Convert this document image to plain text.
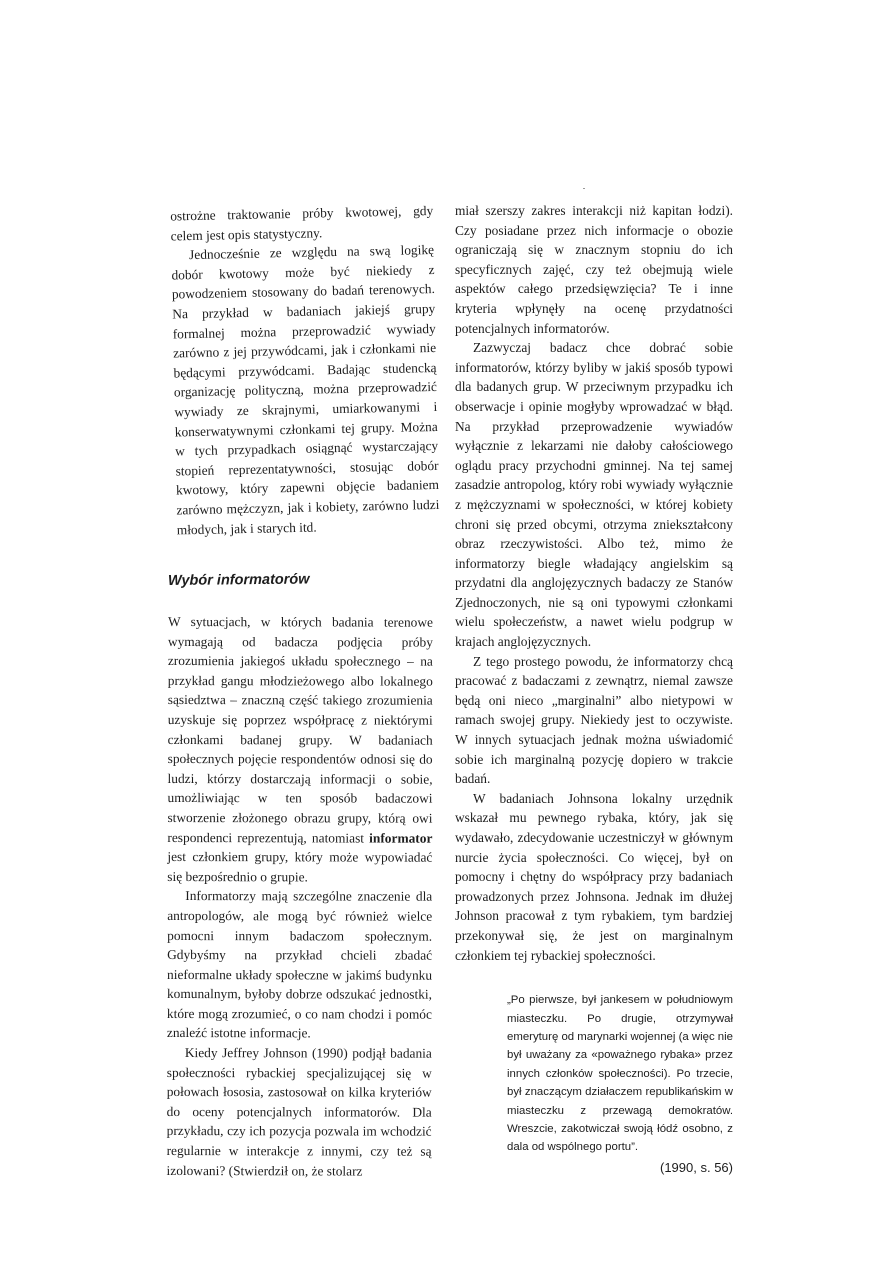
ostrożne traktowanie próby kwotowej, gdy celem jest opis statystyczny.

Jednocześnie ze względu na swą logikę dobór kwotowy może być niekiedy z powodzeniem stosowany do badań terenowych. Na przykład w badaniach jakiejś grupy formalnej można przeprowadzić wywiady zarówno z jej przywódcami, jak i członkami nie będącymi przywódcami. Badając studencką organizację polityczną, można przeprowadzić wywiady ze skrajnymi, umiarkowanymi i konserwatywnymi członkami tej grupy. Można w tych przypadkach osiągnąć wystarczający stopień reprezentatywności, stosując dobór kwotowy, który zapewni objęcie badaniem zarówno mężczyzn, jak i kobiety, zarówno ludzi młodych, jak i starych itd.

Wybór informatorów

W sytuacjach, w których badania terenowe wymagają od badacza podjęcia próby zrozumienia jakiegoś układu społecznego – na przykład gangu młodzieżowego albo lokalnego sąsiedztwa – znaczną część takiego zrozumienia uzyskuje się poprzez współpracę z niektórymi członkami badanej grupy. W badaniach społecznych pojęcie respondentów odnosi się do ludzi, którzy dostarczają informacji o sobie, umożliwiając w ten sposób badaczowi stworzenie złożonego obrazu grupy, którą owi respondenci reprezentują, natomiast informator jest członkiem grupy, który może wypowiadać się bezpośrednio o grupie.

Informatorzy mają szczególne znaczenie dla antropologów, ale mogą być również wielce pomocni innym badaczom społecznym. Gdybyśmy na przykład chcieli zbadać nieformalne układy społeczne w jakimś budynku komunalnym, byłoby dobrze odszukać jednostki, które mogą zrozumieć, o co nam chodzi i pomóc znaleźć istotne informacje.

Kiedy Jeffrey Johnson (1990) podjął badania społeczności rybackiej specjalizującej się w połowach łososia, zastosował on kilka kryteriów do oceny potencjalnych informatorów. Dla przykładu, czy ich pozycja pozwala im wchodzić regularnie w interakcje z innymi, czy też są izolowani? (Stwierdził on, że stolarz

miał szerszy zakres interakcji niż kapitan łodzi). Czy posiadane przez nich informacje o obozie ograniczają się w znacznym stopniu do ich specyficznych zajęć, czy też obejmują wiele aspektów całego przedsięwzięcia? Te i inne kryteria wpłynęły na ocenę przydatności potencjalnych informatorów.

Zazwyczaj badacz chce dobrać sobie informatorów, którzy byliby w jakiś sposób typowi dla badanych grup. W przeciwnym przypadku ich obserwacje i opinie mogłyby wprowadzać w błąd. Na przykład przeprowadzenie wywiadów wyłącznie z lekarzami nie dałoby całościowego oglądu pracy przychodni gminnej. Na tej samej zasadzie antropolog, który robi wywiady wyłącznie z mężczyznami w społeczności, w której kobiety chroni się przed obcymi, otrzyma zniekształcony obraz rzeczywistości. Albo też, mimo że informatorzy biegle władający angielskim są przydatni dla anglojęzycznych badaczy ze Stanów Zjednoczonych, nie są oni typowymi członkami wielu społeczeństw, a nawet wielu podgrup w krajach anglojęzycznych.

Z tego prostego powodu, że informatorzy chcą pracować z badaczami z zewnątrz, niemal zawsze będą oni nieco „marginalni” albo nietypowi w ramach swojej grupy. Niekiedy jest to oczywiste. W innych sytuacjach jednak można uświadomić sobie ich marginalną pozycję dopiero w trakcie badań.

W badaniach Johnsona lokalny urzędnik wskazał mu pewnego rybaka, który, jak się wydawało, zdecydowanie uczestniczył w głównym nurcie życia społeczności. Co więcej, był on pomocny i chętny do współpracy przy badaniach prowadzonych przez Johnsona. Jednak im dłużej Johnson pracował z tym rybakiem, tym bardziej przekonywał się, że jest on marginalnym członkiem tej rybackiej społeczności.

„Po pierwsze, był jankesem w południowym miasteczku. Po drugie, otrzymywał emeryturę od marynarki wojennej (a więc nie był uważany za «poważnego rybaka» przez innych członków społeczności). Po trzecie, był znaczącym działaczem republikańskim w miasteczku z przewagą demokratów. Wreszcie, zakotwiczał swoją łódź osobno, z dala od wspólnego portu”.
(1990, s. 56)
